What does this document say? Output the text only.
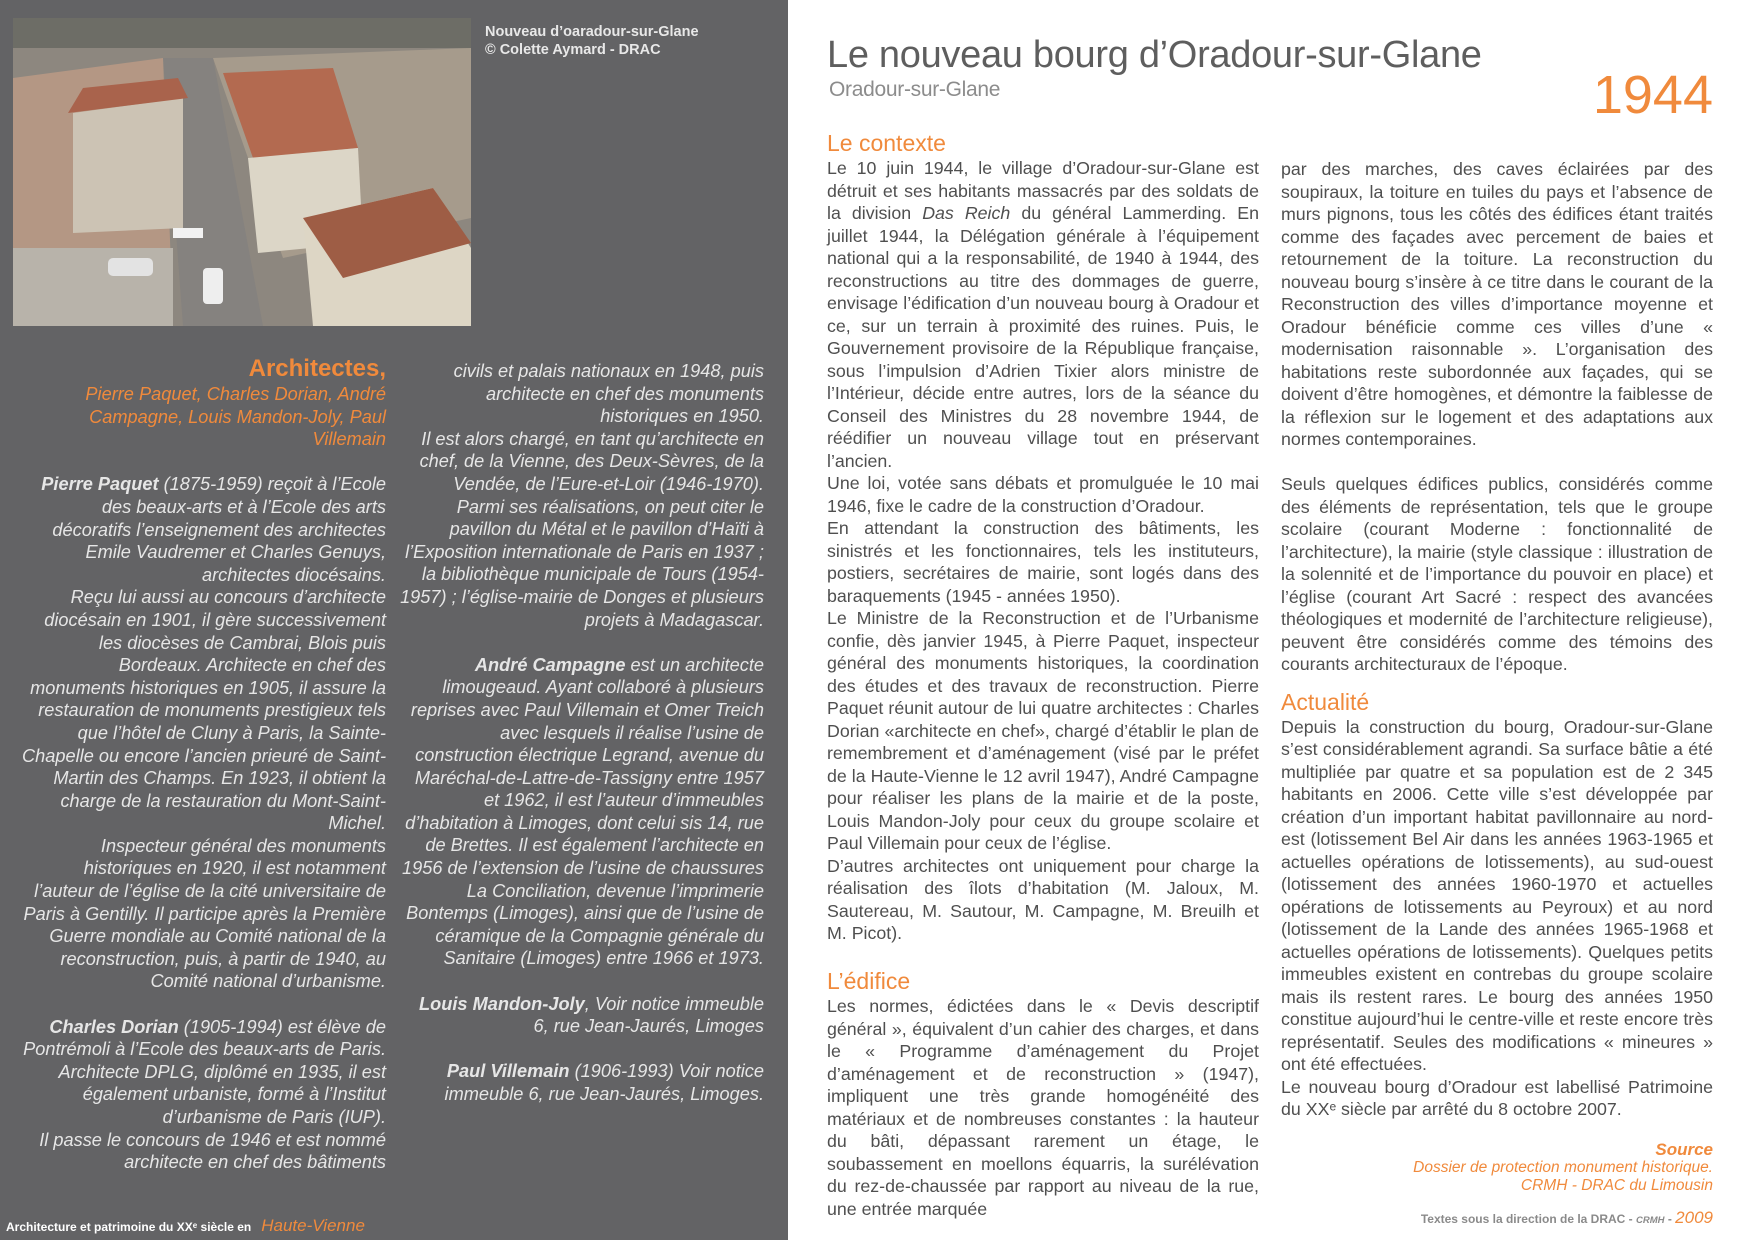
Nouveau d’oaradour-sur-Glane
© Colette Aymard - DRAC

Architectes,

Pierre Paquet, Charles Dorian, André Campagne, Louis Mandon-Joly, Paul Villemain

Pierre Paquet (1875-1959) reçoit à l’Ecole des beaux-arts et à l’Ecole des arts décoratifs l’enseignement des architectes Emile Vaudremer et Charles Genuys, architectes diocésains.

Reçu lui aussi au concours d’architecte diocésain en 1901, il gère successivement les diocèses de Cambrai, Blois puis Bordeaux. Architecte en chef des monuments historiques en 1905, il assure la restauration de monuments prestigieux tels que l’hôtel de Cluny à Paris, la Sainte-Chapelle ou encore l’ancien prieuré de Saint-Martin des Champs. En 1923, il obtient la charge de la restauration du Mont-Saint-Michel.

Inspecteur général des monuments historiques en 1920, il est notamment l’auteur de l’église de la cité universitaire de Paris à Gentilly. Il participe après la Première Guerre mondiale au Comité national de la reconstruction, puis, à partir de 1940, au Comité national d’urbanisme.

Charles Dorian (1905-1994) est élève de Pontrémoli à l’Ecole des beaux-arts de Paris. Architecte DPLG, diplômé en 1935, il est également urbaniste, formé à l’Institut d’urbanisme de Paris (IUP).

Il passe le concours de 1946 et est nommé architecte en chef des bâtiments

civils et palais nationaux en 1948, puis architecte en chef des monuments historiques en 1950.

Il est alors chargé, en tant qu’architecte en chef, de la Vienne, des Deux-Sèvres, de la Vendée, de l’Eure-et-Loir (1946-1970).

Parmi ses réalisations, on peut citer le pavillon du Métal et le pavillon d’Haïti à l’Exposition internationale de Paris en 1937 ; la bibliothèque municipale de Tours (1954-1957) ; l’église-mairie de Donges et plusieurs projets à Madagascar.

André Campagne est un architecte limougeaud. Ayant collaboré à plusieurs reprises avec Paul Villemain et Omer Treich avec lesquels il réalise l’usine de construction électrique Legrand, avenue du Maréchal-de-Lattre-de-Tassigny entre 1957 et 1962, il est l’auteur d’immeubles d’habitation à Limoges, dont celui sis 14, rue de Brettes. Il est également l’architecte en 1956 de l’extension de l’usine de chaussures La Conciliation, devenue l’imprimerie Bontemps (Limoges), ainsi que de l’usine de céramique de la Compagnie générale du Sanitaire (Limoges) entre 1966 et 1973.

Louis Mandon-Joly, Voir notice immeuble 6, rue Jean-Jaurés, Limoges

Paul Villemain (1906-1993) Voir notice immeuble 6, rue Jean-Jaurés, Limoges.

Architecture et patrimoine du XXᵉ siècle en Haute-Vienne
Le nouveau bourg d’Oradour-sur-Glane
Oradour-sur-Glane	1944

Le contexte

Le 10 juin 1944, le village d’Oradour-sur-Glane est détruit et ses habitants massacrés par des soldats de la division Das Reich du général Lammerding. En juillet 1944, la Délégation générale à l’équipement national qui a la responsabilité, de 1940 à 1944, des reconstructions au titre des dommages de guerre, envisage l’édification d’un nouveau bourg à Oradour et ce, sur un terrain à proximité des ruines. Puis, le Gouvernement provisoire de la République française, sous l’impulsion d’Adrien Tixier alors ministre de l’Intérieur, décide entre autres, lors de la séance du Conseil des Ministres du 28 novembre 1944, de réédifier un nouveau village tout en préservant l’ancien.

Une loi, votée sans débats et promulguée le 10 mai 1946, fixe le cadre de la construction d’Oradour.

En attendant la construction des bâtiments, les sinistrés et les fonctionnaires, tels les instituteurs, postiers, secrétaires de mairie, sont logés dans des baraquements (1945 - années 1950).

Le Ministre de la Reconstruction et de l’Urbanisme confie, dès janvier 1945, à Pierre Paquet, inspecteur général des monuments historiques, la coordination des études et des travaux de reconstruction. Pierre Paquet réunit autour de lui quatre architectes : Charles Dorian «architecte en chef», chargé d’établir le plan de remembrement et d’aménagement (visé par le préfet de la Haute-Vienne le 12 avril 1947), André Campagne pour réaliser les plans de la mairie et de la poste, Louis Mandon-Joly pour ceux du groupe scolaire et Paul Villemain pour ceux de l’église.

D’autres architectes ont uniquement pour charge la réalisation des îlots d’habitation (M. Jaloux, M. Sautereau, M. Sautour, M. Campagne, M. Breuilh et M. Picot).

L’édifice

Les normes, édictées dans le « Devis descriptif général », équivalent d’un cahier des charges, et dans le « Programme d’aménagement du Projet d’aménagement et de reconstruction » (1947), impliquent une très grande homogénéité des matériaux et de nombreuses constantes : la hauteur du bâti, dépassant rarement un étage, le soubassement en moellons équarris, la surélévation du rez-de-chaussée par rapport au niveau de la rue, une entrée marquée

par des marches, des caves éclairées par des soupiraux, la toiture en tuiles du pays et l’absence de murs pignons, tous les côtés des édifices étant traités comme des façades avec percement de baies et retournement de la toiture. La reconstruction du nouveau bourg s’insère à ce titre dans le courant de la Reconstruction des villes d’importance moyenne et Oradour bénéficie comme ces villes d’une « modernisation raisonnable ». L’organisation des habitations reste subordonnée aux façades, qui se doivent d’être homogènes, et démontre la faiblesse de la réflexion sur le logement et des adaptations aux normes contemporaines.

Seuls quelques édifices publics, considérés comme des éléments de représentation, tels que le groupe scolaire (courant Moderne : fonctionnalité de l’architecture), la mairie (style classique : illustration de la solennité et de l’importance du pouvoir en place) et l’église (courant Art Sacré : respect des avancées théologiques et modernité de l’architecture religieuse), peuvent être considérés comme des témoins des courants architecturaux de l’époque.

Actualité

Depuis la construction du bourg, Oradour-sur-Glane s’est considérablement agrandi. Sa surface bâtie a été multipliée par quatre et sa population est de 2 345 habitants en 2006. Cette ville s’est développée par création d’un important habitat pavillonnaire au nord-est (lotissement Bel Air dans les années 1963-1965 et actuelles opérations de lotissements), au sud-ouest (lotissement des années 1960-1970 et actuelles opérations de lotissements au Peyroux) et au nord (lotissement de la Lande des années 1965-1968 et actuelles opérations de lotissements). Quelques petits immeubles existent en contrebas du groupe scolaire mais ils restent rares. Le bourg des années 1950 constitue aujourd’hui le centre-ville et reste encore très représentatif. Seules des modifications « mineures » ont été effectuées.

Le nouveau bourg d’Oradour est labellisé Patrimoine du XXᵉ siècle par arrêté du 8 octobre 2007.

Source
Dossier de protection monument historique.
CRMH - DRAC du Limousin
Textes sous la direction de la DRAC - CRMH - 2009
